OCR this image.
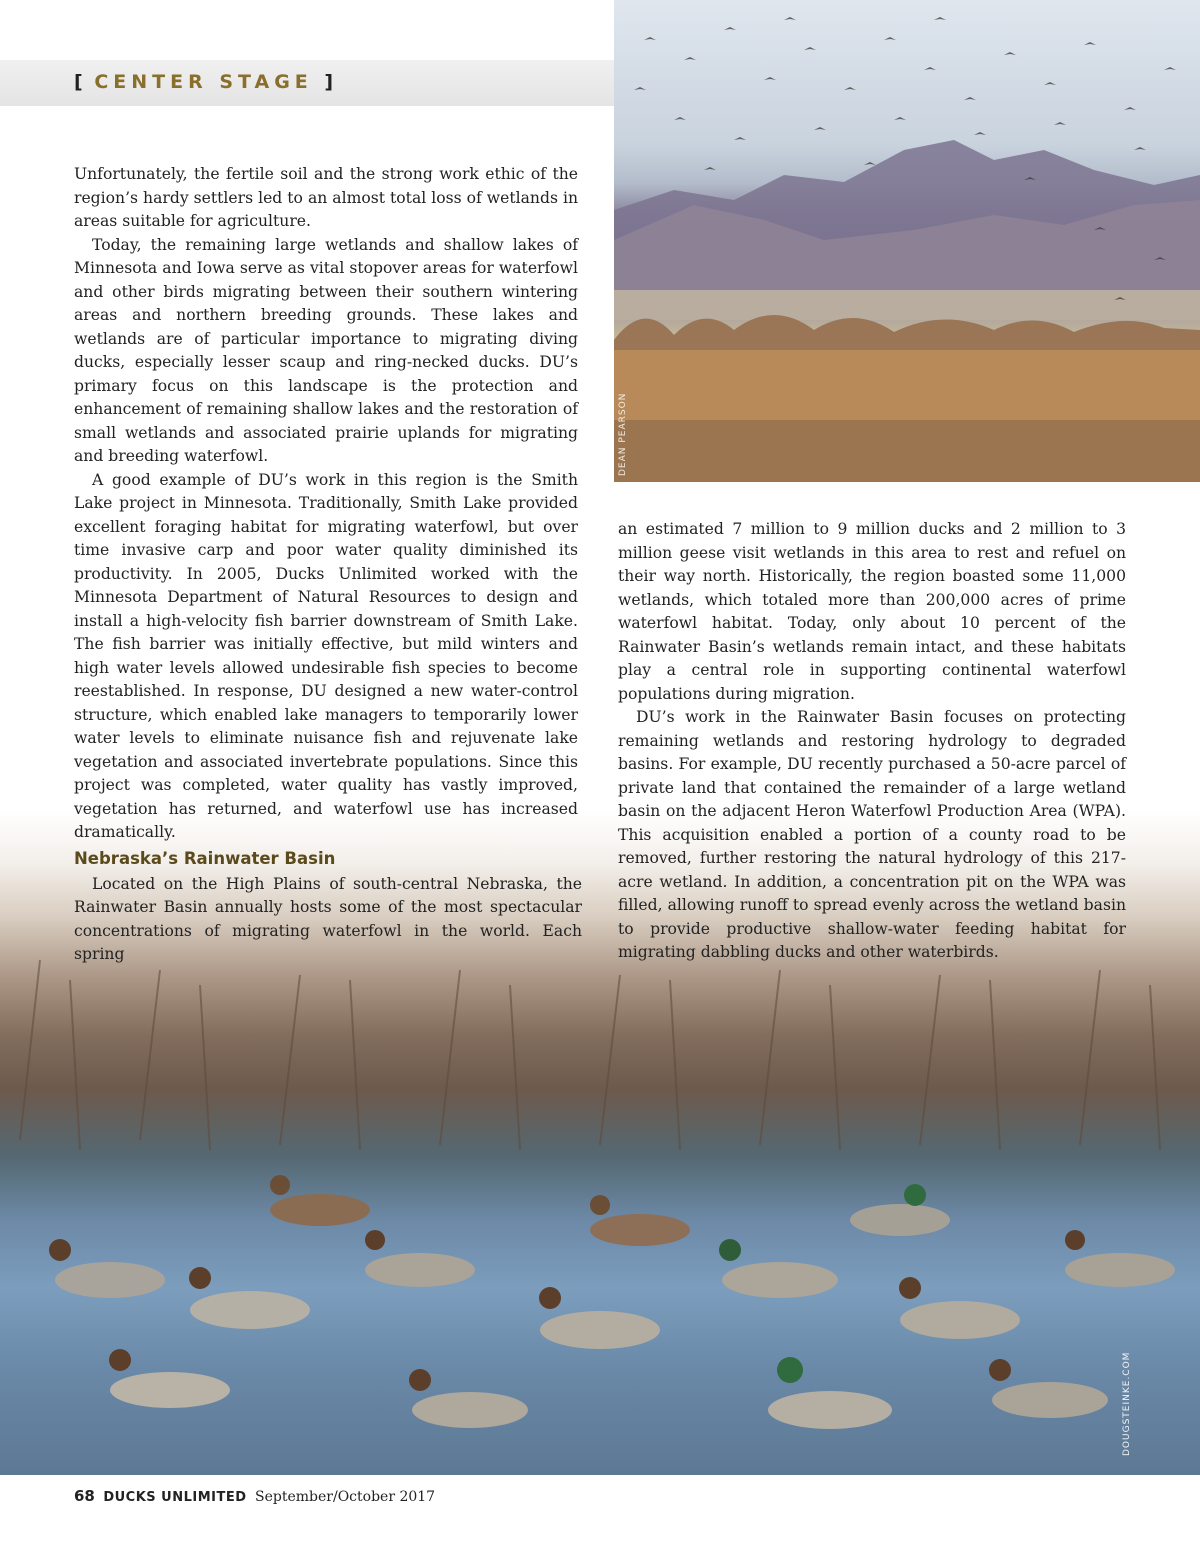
[ CENTER STAGE ]
DEAN PEARSON
DOUGSTEINKE.COM

Unfortunately, the fertile soil and the strong work ethic of the region’s hardy settlers led to an almost total loss of wetlands in areas suitable for agriculture.

Today, the remaining large wetlands and shallow lakes of Minnesota and Iowa serve as vital stopover areas for waterfowl and other birds migrating between their southern wintering areas and northern breeding grounds. These lakes and wetlands are of particular importance to migrating diving ducks, especially lesser scaup and ring-necked ducks. DU’s primary focus on this landscape is the protection and enhancement of remaining shallow lakes and the restoration of small wetlands and associated prairie uplands for migrating and breeding waterfowl.

A good example of DU’s work in this region is the Smith Lake project in Minnesota. Traditionally, Smith Lake provided excellent foraging habitat for migrating waterfowl, but over time invasive carp and poor water quality diminished its productivity. In 2005, Ducks Unlimited worked with the Minnesota Department of Natural Resources to design and install a high-velocity fish barrier downstream of Smith Lake. The fish barrier was initially effective, but mild winters and high water levels allowed undesirable fish species to become reestablished. In response, DU designed a new water-control structure, which enabled lake managers to temporarily lower water levels to eliminate nuisance fish and rejuvenate lake vegetation and associated invertebrate populations. Since this project was completed, water quality has vastly improved, vegetation has returned, and waterfowl use has increased dramatically.

Nebraska’s Rainwater Basin

Located on the High Plains of south-central Nebraska, the Rainwater Basin annually hosts some of the most spectacular concentrations of migrating waterfowl in the world. Each spring

an estimated 7 million to 9 million ducks and 2 million to 3 million geese visit wetlands in this area to rest and refuel on their way north. Historically, the region boasted some 11,000 wetlands, which totaled more than 200,000 acres of prime waterfowl habitat. Today, only about 10 percent of the Rainwater Basin’s wetlands remain intact, and these habitats play a central role in supporting continental waterfowl populations during migration.

DU’s work in the Rainwater Basin focuses on protecting remaining wetlands and restoring hydrology to degraded basins. For example, DU recently purchased a 50-acre parcel of private land that contained the remainder of a large wetland basin on the adjacent Heron Waterfowl Production Area (WPA). This acquisition enabled a portion of a county road to be removed, further restoring the natural hydrology of this 217-acre wetland. In addition, a concentration pit on the WPA was filled, allowing runoff to spread evenly across the wetland basin to provide productive shallow-water feeding habitat for migrating dabbling ducks and other waterbirds.

68 DUCKS UNLIMITED September/October 2017
